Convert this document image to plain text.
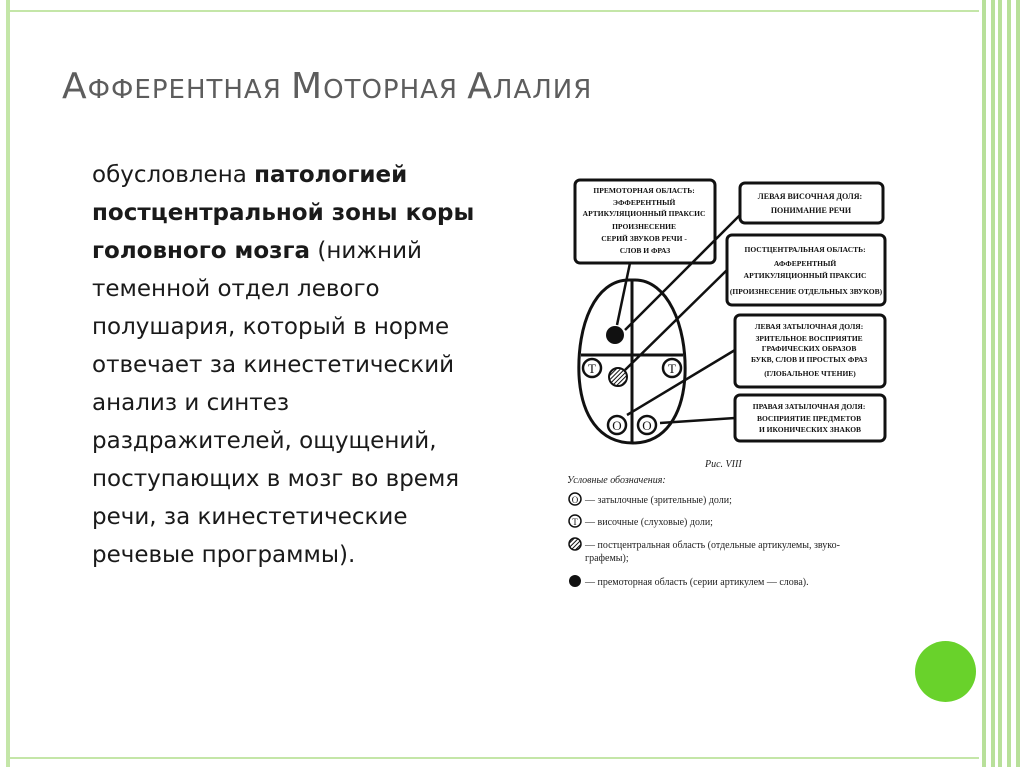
АФФЕРЕНТНАЯ МОТОРНАЯ АЛАЛИЯ

обусловлена патологией постцентральной зоны коры головного мозга (нижний теменной отдел левого полушария, который в норме отвечает за кинестетический анализ и синтез раздражителей, ощущений, поступающих в мозг во время речи, за кинестетические речевые программы).

ПРЕМОТОРНАЯ ОБЛАСТЬ: ЭФФЕРЕНТНЫЙ АРТИКУЛЯЦИОННЫЙ ПРАКСИС ПРОИЗНЕСЕНИЕ СЕРИЙ ЗВУКОВ РЕЧИ - СЛОВ И ФРАЗ
ЛЕВАЯ ВИСОЧНАЯ ДОЛЯ: ПОНИМАНИЕ РЕЧИ
ПОСТЦЕНТРАЛЬНАЯ ОБЛАСТЬ: АФФЕРЕНТНЫЙ АРТИКУЛЯЦИОННЫЙ ПРАКСИС (ПРОИЗНЕСЕНИЕ ОТДЕЛЬНЫХ ЗВУКОВ)
ЛЕВАЯ ЗАТЫЛОЧНАЯ ДОЛЯ: ЗРИТЕЛЬНОЕ ВОСПРИЯТИЕ ГРАФИЧЕСКИХ ОБРАЗОВ БУКВ, СЛОВ И ПРОСТЫХ ФРАЗ (ГЛОБАЛЬНОЕ ЧТЕНИЕ)
ПРАВАЯ ЗАТЫЛОЧНАЯ ДОЛЯ: ВОСПРИЯТИЕ ПРЕДМЕТОВ И ИКОНИЧЕСКИХ ЗНАКОВ
T	T
O O
Рис. VIII
Условные обозначения:
O — затылочные (зрительные) доли;
T — височные (слуховые) доли;
— постцентральная область (отдельные артикулемы, звуко-
графемы);
— премоторная область (серии артикулем — слова).
